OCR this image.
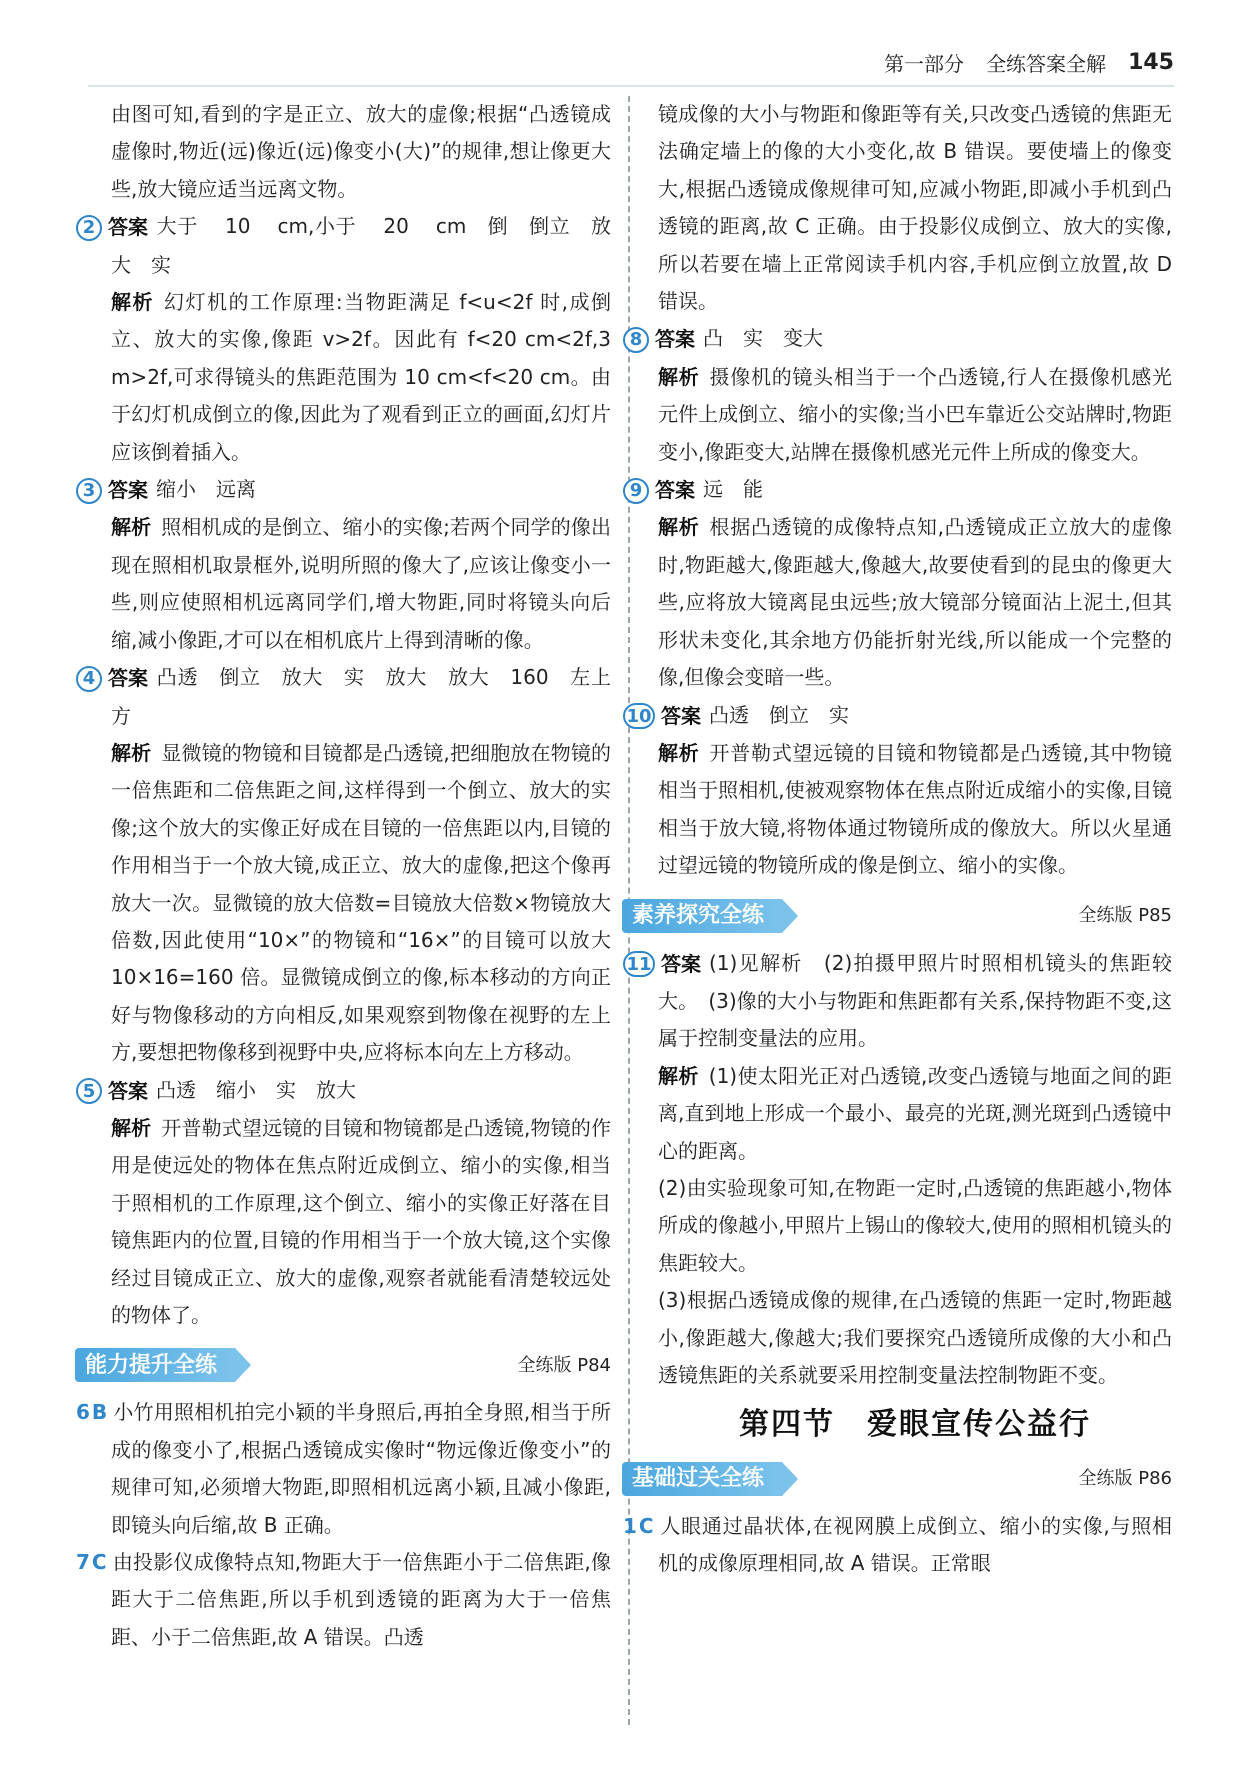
第一部分 全练答案全解 145

由图可知,看到的字是正立、放大的虚像;根据“凸透镜成虚像时,物近(远)像近(远)像变小(大)”的规律,想让像更大些,放大镜应适当远离文物。

2 答案 大于 10 cm,小于 20 cm　倒　倒立　放大　实

解析 幻灯机的工作原理:当物距满足 f<u<2f 时,成倒立、放大的实像,像距 v>2f。因此有 f<20 cm<2f,3 m>2f,可求得镜头的焦距范围为 10 cm<f<20 cm。由于幻灯机成倒立的像,因此为了观看到正立的画面,幻灯片应该倒着插入。

3 答案 缩小　远离

解析 照相机成的是倒立、缩小的实像;若两个同学的像出现在照相机取景框外,说明所照的像大了,应该让像变小一些,则应使照相机远离同学们,增大物距,同时将镜头向后缩,减小像距,才可以在相机底片上得到清晰的像。

4 答案 凸透　倒立　放大　实　放大　放大　160　左上方

解析 显微镜的物镜和目镜都是凸透镜,把细胞放在物镜的一倍焦距和二倍焦距之间,这样得到一个倒立、放大的实像;这个放大的实像正好成在目镜的一倍焦距以内,目镜的作用相当于一个放大镜,成正立、放大的虚像,把这个像再放大一次。显微镜的放大倍数=目镜放大倍数×物镜放大倍数,因此使用“10×”的物镜和“16×”的目镜可以放大 10×16=160 倍。显微镜成倒立的像,标本移动的方向正好与物像移动的方向相反,如果观察到物像在视野的左上方,要想把物像移到视野中央,应将标本向左上方移动。

5 答案 凸透　缩小　实　放大

解析 开普勒式望远镜的目镜和物镜都是凸透镜,物镜的作用是使远处的物体在焦点附近成倒立、缩小的实像,相当于照相机的工作原理,这个倒立、缩小的实像正好落在目镜焦距内的位置,目镜的作用相当于一个放大镜,这个实像经过目镜成正立、放大的虚像,观察者就能看清楚较远处的物体了。

能力提升全练	全练版 P84

6 B 小竹用照相机拍完小颖的半身照后,再拍全身照,相当于所成的像变小了,根据凸透镜成实像时“物远像近像变小”的规律可知,必须增大物距,即照相机远离小颖,且减小像距,即镜头向后缩,故 B 正确。

7 C 由投影仪成像特点知,物距大于一倍焦距小于二倍焦距,像距大于二倍焦距,所以手机到透镜的距离为大于一倍焦距、小于二倍焦距,故 A 错误。凸透

镜成像的大小与物距和像距等有关,只改变凸透镜的焦距无法确定墙上的像的大小变化,故 B 错误。要使墙上的像变大,根据凸透镜成像规律可知,应减小物距,即减小手机到凸透镜的距离,故 C 正确。由于投影仪成倒立、放大的实像,所以若要在墙上正常阅读手机内容,手机应倒立放置,故 D 错误。

8 答案 凸　实　变大

解析 摄像机的镜头相当于一个凸透镜,行人在摄像机感光元件上成倒立、缩小的实像;当小巴车靠近公交站牌时,物距变小,像距变大,站牌在摄像机感光元件上所成的像变大。

9 答案 远　能

解析 根据凸透镜的成像特点知,凸透镜成正立放大的虚像时,物距越大,像距越大,像越大,故要使看到的昆虫的像更大些,应将放大镜离昆虫远些;放大镜部分镜面沾上泥土,但其形状未变化,其余地方仍能折射光线,所以能成一个完整的像,但像会变暗一些。

10 答案 凸透　倒立　实

解析 开普勒式望远镜的目镜和物镜都是凸透镜,其中物镜相当于照相机,使被观察物体在焦点附近成缩小的实像,目镜相当于放大镜,将物体通过物镜所成的像放大。所以火星通过望远镜的物镜所成的像是倒立、缩小的实像。

素养探究全练	全练版 P85

11 答案 (1)见解析　(2)拍摄甲照片时照相机镜头的焦距较大。　(3)像的大小与物距和焦距都有关系,保持物距不变,这属于控制变量法的应用。

解析 (1)使太阳光正对凸透镜,改变凸透镜与地面之间的距离,直到地上形成一个最小、最亮的光斑,测光斑到凸透镜中心的距离。

(2)由实验现象可知,在物距一定时,凸透镜的焦距越小,物体所成的像越小,甲照片上锡山的像较大,使用的照相机镜头的焦距较大。

(3)根据凸透镜成像的规律,在凸透镜的焦距一定时,物距越小,像距越大,像越大;我们要探究凸透镜所成像的大小和凸透镜焦距的关系就要采用控制变量法控制物距不变。

第四节　爱眼宣传公益行
基础过关全练	全练版 P86

1 C 人眼通过晶状体,在视网膜上成倒立、缩小的实像,与照相机的成像原理相同,故 A 错误。正常眼
